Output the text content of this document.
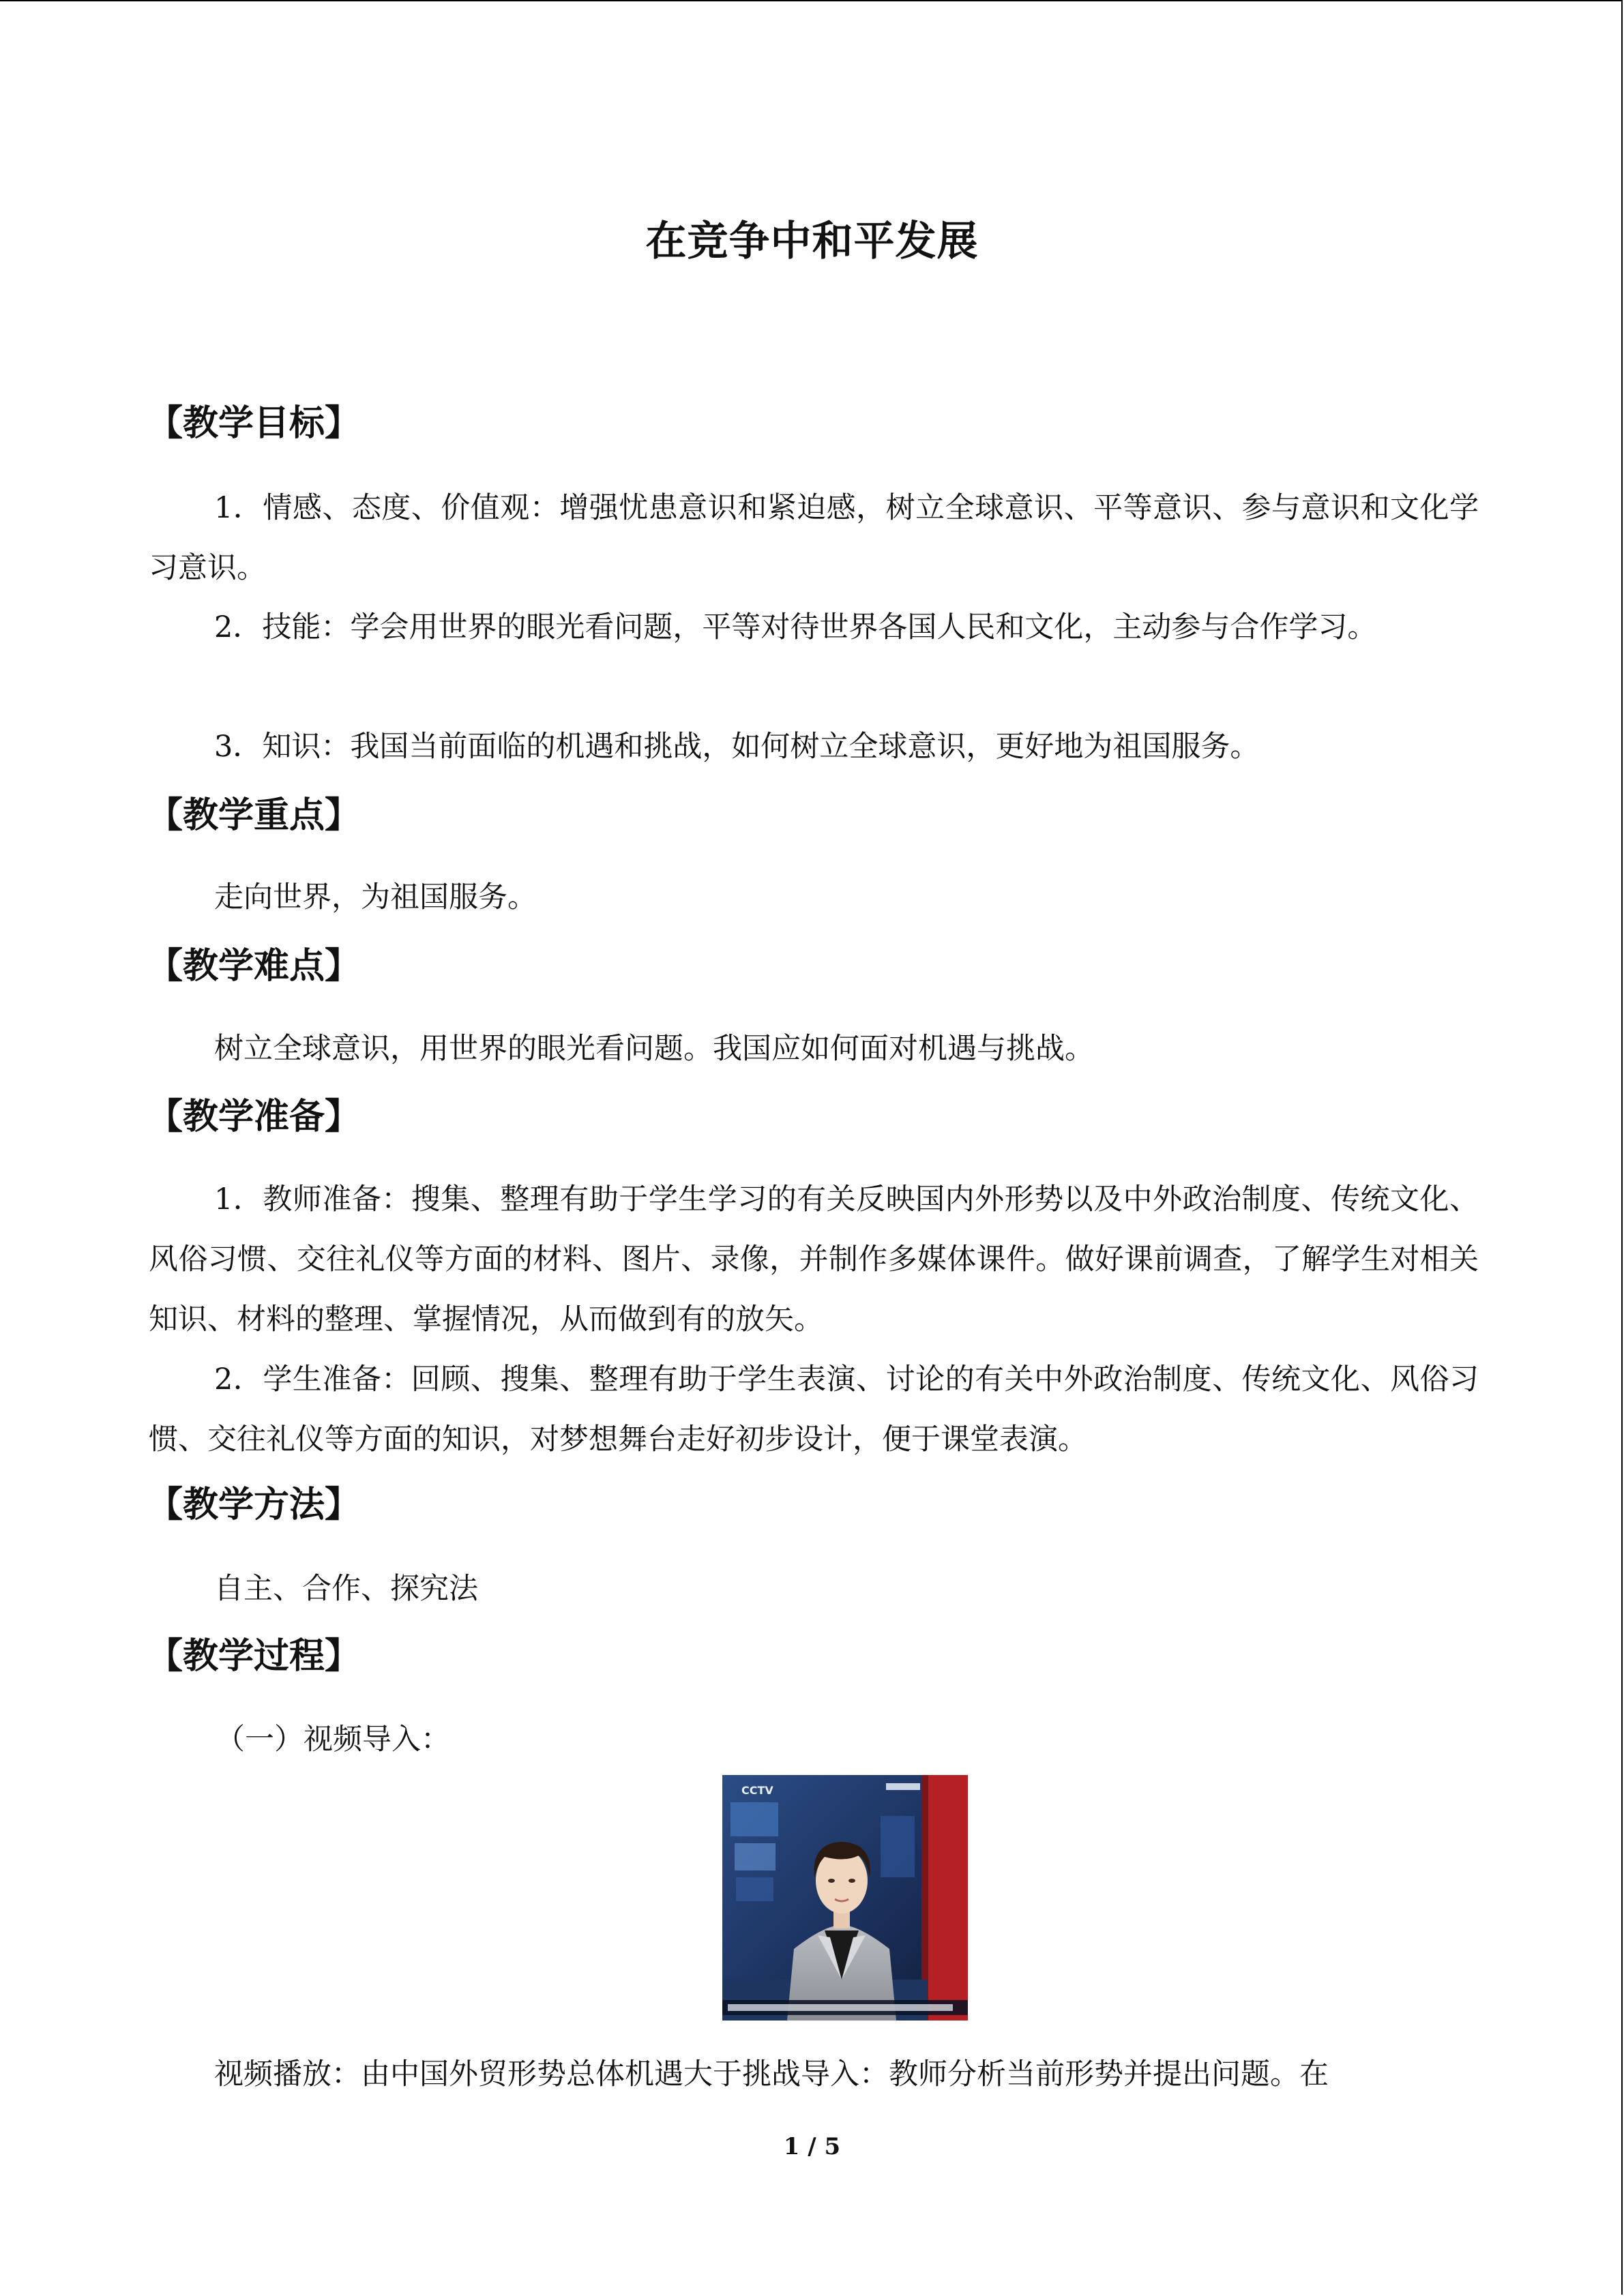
在竞争中和平发展
【教学目标】

1．情感、态度、价值观：增强忧患意识和紧迫感，树立全球意识、平等意识、参与意识和文化学习意识。

2．技能：学会用世界的眼光看问题，平等对待世界各国人民和文化，主动参与合作学习。

3．知识：我国当前面临的机遇和挑战，如何树立全球意识，更好地为祖国服务。

【教学重点】

走向世界，为祖国服务。

【教学难点】

树立全球意识，用世界的眼光看问题。我国应如何面对机遇与挑战。

【教学准备】

1．教师准备：搜集、整理有助于学生学习的有关反映国内外形势以及中外政治制度、传统文化、风俗习惯、交往礼仪等方面的材料、图片、录像，并制作多媒体课件。做好课前调查，了解学生对相关知识、材料的整理、掌握情况，从而做到有的放矢。

2．学生准备：回顾、搜集、整理有助于学生表演、讨论的有关中外政治制度、传统文化、风俗习惯、交往礼仪等方面的知识，对梦想舞台走好初步设计，便于课堂表演。

【教学方法】

自主、合作、探究法

【教学过程】

（一）视频导入：

CCTV

视频播放：由中国外贸形势总体机遇大于挑战导入：教师分析当前形势并提出问题。在

1 / 5
